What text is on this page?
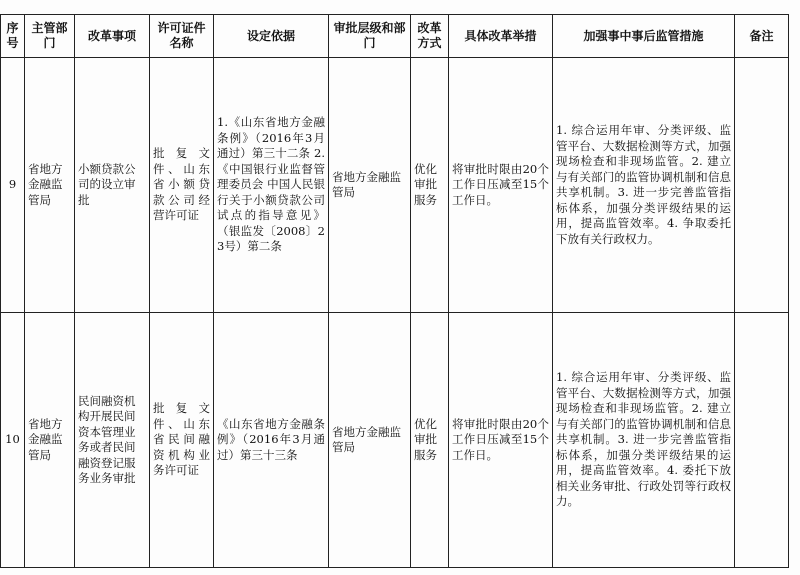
序号	主管部门	改革事项	许可证件名称	设定依据	审批层级和部门	改革方式	具体改革举措	加强事中事后监管措施	备注
9	省地方金融监管局	小额贷款公司的设立审批	批复文件、山东省小额贷款公司经营许可证	1.《山东省地方金融条例》（2016年3月通过）第三十二条 2.《中国银行业监督管理委员会 中国人民银行关于小额贷款公司试点的指导意见》（银监发〔2008〕23号）第二条	省地方金融监管局	优化审批服务	将审批时限由20个工作日压减至15个工作日。	1. 综合运用年审、分类评级、监管平台、大数据检测等方式，加强现场检查和非现场监管。2. 建立与有关部门的监管协调机制和信息共享机制。3. 进一步完善监管指标体系，加强分类评级结果的运用，提高监管效率。4. 争取委托下放有关行政权力。	

10	省地方金融监管局	民间融资机构开展民间资本管理业务或者民间融资登记服务业务审批	批复文件、山东省民间融资机构业务许可证	《山东省地方金融条例》（2016年3月通过）第三十三条	省地方金融监管局	优化审批服务	将审批时限由20个工作日压减至15个工作日。	1. 综合运用年审、分类评级、监管平台、大数据检测等方式，加强现场检查和非现场监管。2. 建立与有关部门的监管协调机制和信息共享机制。3. 进一步完善监管指标体系，加强分类评级结果的运用，提高监管效率。4. 委托下放相关业务审批、行政处罚等行政权力。	
